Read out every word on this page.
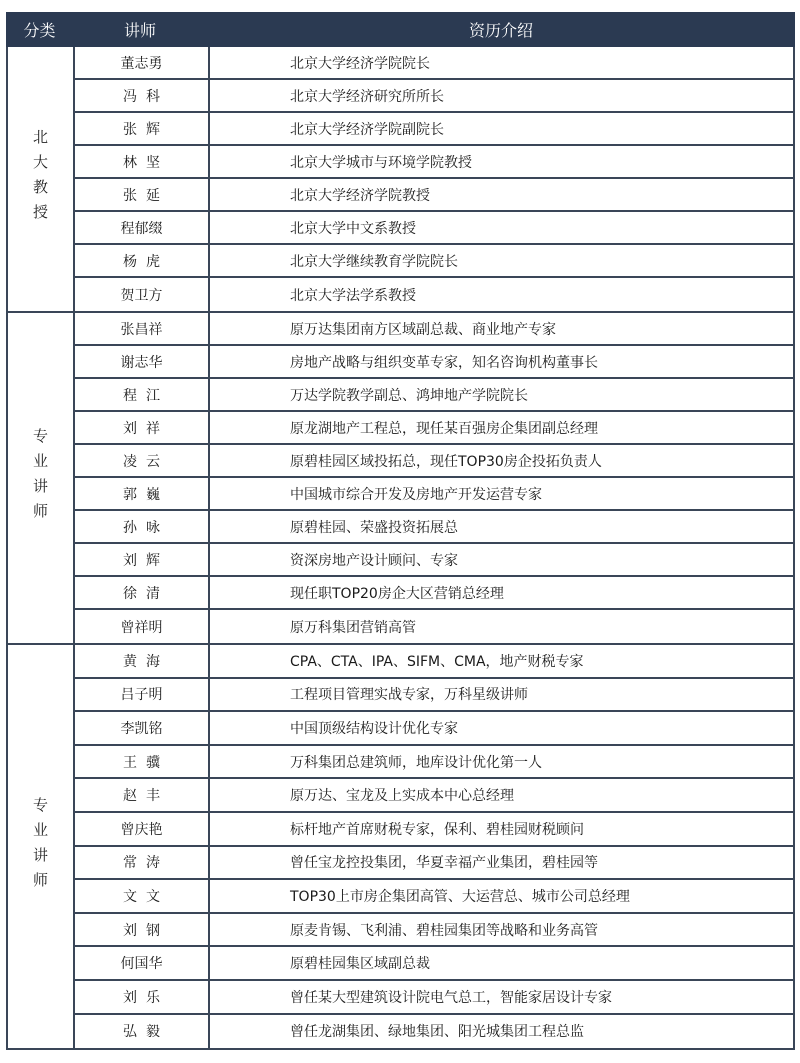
分类	讲师	资历介绍
北大教授
董志勇	北京大学经济学院院长
冯  科	北京大学经济研究所所长
张  辉	北京大学经济学院副院长
林  坚	北京大学城市与环境学院教授
张  延	北京大学经济学院教授
程郁缀	北京大学中文系教授
杨  虎	北京大学继续教育学院院长
贺卫方	北京大学法学系教授
专业讲师
张昌祥	原万达集团南方区域副总裁、商业地产专家
谢志华	房地产战略与组织变革专家，知名咨询机构董事长
程  江	万达学院教学副总、鸿坤地产学院院长
刘  祥	原龙湖地产工程总，现任某百强房企集团副总经理
凌  云	原碧桂园区域投拓总，现任TOP30房企投拓负责人
郭  巍	中国城市综合开发及房地产开发运营专家
孙  咏	原碧桂园、荣盛投资拓展总
刘  辉	资深房地产设计顾问、专家
徐  清	现任职TOP20房企大区营销总经理
曾祥明	原万科集团营销高管
专业讲师
黄  海	CPA、CTA、IPA、SIFM、CMA，地产财税专家
吕子明	工程项目管理实战专家，万科星级讲师
李凯铭	中国顶级结构设计优化专家
王  骥	万科集团总建筑师，地库设计优化第一人
赵  丰	原万达、宝龙及上实成本中心总经理
曾庆艳	标杆地产首席财税专家，保利、碧桂园财税顾问
常  涛	曾任宝龙控投集团，华夏幸福产业集团，碧桂园等
文  文	TOP30上市房企集团高管、大运营总、城市公司总经理
刘  钢	原麦肯锡、飞利浦、碧桂园集团等战略和业务高管
何国华	原碧桂园集区域副总裁
刘  乐	曾任某大型建筑设计院电气总工，智能家居设计专家
弘  毅	曾任龙湖集团、绿地集团、阳光城集团工程总监
